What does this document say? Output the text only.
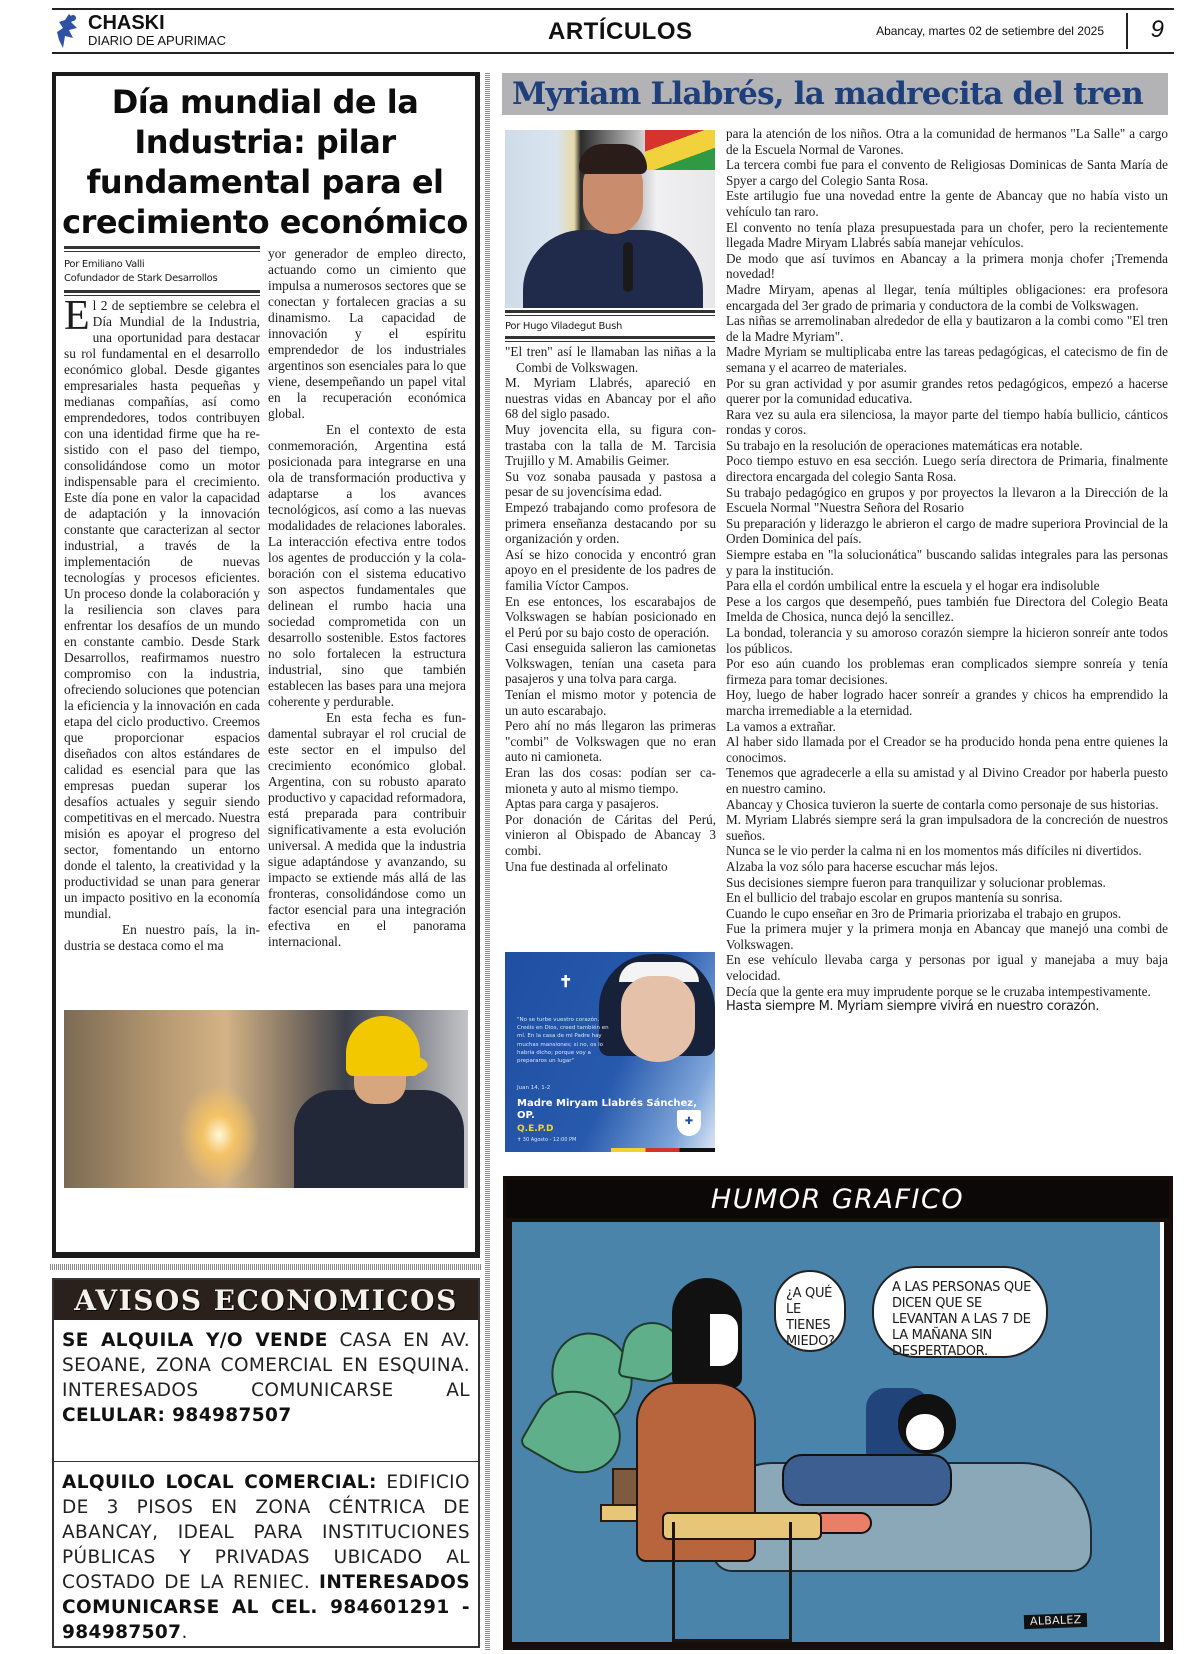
CHASKI
DIARIO DE APURIMAC	ARTÍCULOS	Abancay, martes 02 de setiembre del 2025	9
Día mundial de la Industria: pilar fundamental para el crecimiento económico
Por Emiliano Valli
Cofundador de Stark Desarrollos

El 2 de septiembre se celebra el Día Mundial de la Industria, una oportunidad para destacar su rol fundamental en el desarrollo económico global. Desde gigantes empresariales hasta pequeñas y medianas compañías, así como emprendedores, todos contribuyen con una identidad firme que ha resistido con el paso del tiempo, consolidándose como un motor indispensable para el crecimiento. Este día pone en valor la capacidad de adaptación y la innovación constante que caracterizan al sector industrial, a través de la implementación de nuevas tecnologías y procesos eficientes. Un proceso donde la colaboración y la resiliencia son claves para enfrentar los desafíos de un mundo en constante cambio. Desde Stark Desarrollos, reafirmamos nuestro compromiso con la industria, ofreciendo soluciones que potencian la eficiencia y la innovación en cada etapa del ciclo productivo. Creemos que proporcionar espacios diseñados con altos estándares de calidad es esencial para que las empresas puedan superar los desafíos actuales y seguir siendo competitivas en el mercado. Nuestra misión es apoyar el progreso del sector, fomentando un entorno donde el talento, la creatividad y la productividad se unan para generar un impacto positivo en la economía mundial.

En nuestro país, la industria se destaca como el ma

yor generador de empleo directo, actuando como un cimiento que impulsa a numerosos sectores que se conectan y fortalecen gracias a su dinamismo. La capacidad de innovación y el espíritu emprendedor de los industriales argentinos son esenciales para lo que viene, desempeñando un papel vital en la recuperación económica global.

En el contexto de esta conmemoración, Argentina está posicionada para integrarse en una ola de transformación productiva y adaptarse a los avances tecnológicos, así como a las nuevas modalidades de relaciones laborales. La interacción efectiva entre todos los agentes de producción y la colaboración con el sistema educativo son aspectos fundamentales que delinean el rumbo hacia una sociedad comprometida con un desarrollo sostenible. Estos factores no solo fortalecen la estructura industrial, sino que también establecen las bases para una mejora coherente y perdurable.

En esta fecha es fundamental subrayar el rol crucial de este sector en el impulso del crecimiento económico global. Argentina, con su robusto aparato productivo y capacidad reformadora, está preparada para contribuir significativamente a esta evolución universal. A medida que la industria sigue adaptándose y avanzando, su impacto se extiende más allá de las fronteras, consolidándose como un factor esencial para una integración efectiva en el panorama internacional.

AVISOS ECONOMICOS
SE ALQUILA Y/O VENDE CASA EN AV. SEOANE, ZONA COMERCIAL EN ESQUINA. INTERESADOS COMUNICARSE AL CELULAR: 984987507
ALQUILO LOCAL COMERCIAL: EDIFICIO DE 3 PISOS EN ZONA CÉNTRICA DE ABANCAY, IDEAL PARA INSTITUCIONES PÚBLICAS Y PRIVADAS UBICADO AL COSTADO DE LA RENIEC. INTERESADOS COMUNICARSE AL CEL. 984601291 - 984987507.
Myriam Llabrés, la madrecita del tren
Por Hugo Viladegut Bush

"El tren" así le llamaban las niñas a la Combi de Volkswagen.

M. Myriam Llabrés, apareció en nuestras vidas en Abancay por el año 68 del siglo pasado.

Muy jovencita ella, su figura contrastaba con la talla de M. Tarcisia Trujillo y M. Amabilis Geimer.

Su voz sonaba pausada y pastosa a pesar de su jovencísima edad.

Empezó trabajando como profesora de primera enseñanza destacando por su organización y orden.

Así se hizo conocida y encontró gran apoyo en el presidente de los padres de familia Víctor Campos.

En ese entonces, los escarabajos de Volkswagen se habían posicionado en el Perú por su bajo costo de operación.

Casi enseguida salieron las camionetas Volkswagen, tenían una caseta para pasajeros y una tolva para carga.

Tenían el mismo motor y potencia de un auto escarabajo.

Pero ahí no más llegaron las primeras "combi" de Volkswagen que no eran auto ni camioneta.

Eran las dos cosas: podían ser camioneta y auto al mismo tiempo.

Aptas para carga y pasajeros.

Por donación de Cáritas del Perú, vinieron al Obispado de Abancay 3 combi.

Una fue destinada al orfelinato

✝
"No se turbe vuestro corazón. Creéis en Dios, creed también en mí. En la casa de mi Padre hay muchas mansiones; si no, os lo habría dicho; porque voy a prepararos un lugar"
Juan 14, 1-2
Madre Miryam Llabrés Sánchez, OP.
Q.E.P.D
✝ 30 Agosto - 12:00 PM
✚

para la atención de los niños. Otra a la comunidad de hermanos "La Salle" a cargo de la Escuela Normal de Varones.

La tercera combi fue para el convento de Religiosas Dominicas de Santa María de Spyer a cargo del Colegio Santa Rosa.

Este artilugio fue una novedad entre la gente de Abancay que no había visto un vehículo tan raro.

El convento no tenía plaza presupuestada para un chofer, pero la recientemente llegada Madre Miryam Llabrés sabía manejar vehículos.

De modo que así tuvimos en Abancay a la primera monja chofer ¡Tremenda novedad!

Madre Miryam, apenas al llegar, tenía múltiples obligaciones: era profesora encargada del 3er grado de primaria y conductora de la combi de Volkswagen.

Las niñas se arremolinaban alrededor de ella y bautizaron a la combi como "El tren de la Madre Myriam".

Madre Myriam se multiplicaba entre las tareas pedagógicas, el catecismo de fin de semana y el acarreo de materiales.

Por su gran actividad y por asumir grandes retos pedagógicos, empezó a hacerse querer por la comunidad educativa.

Rara vez su aula era silenciosa, la mayor parte del tiempo había bullicio, cánticos rondas y coros.

Su trabajo en la resolución de operaciones matemáticas era notable.

Poco tiempo estuvo en esa sección. Luego sería directora de Primaria, finalmente directora encargada del colegio Santa Rosa.

Su trabajo pedagógico en grupos y por proyectos la llevaron a la Dirección de la Escuela Normal "Nuestra Señora del Rosario

Su preparación y liderazgo le abrieron el cargo de madre superiora Provincial de la Orden Dominica del país.

Siempre estaba en "la solucionática" buscando salidas integrales para las personas y para la institución.

Para ella el cordón umbilical entre la escuela y el hogar era indisoluble

Pese a los cargos que desempeñó, pues también fue Directora del Colegio Beata Imelda de Chosica, nunca dejó la sencillez.

La bondad, tolerancia y su amoroso corazón siempre la hicieron sonreír ante todos los públicos.

Por eso aún cuando los problemas eran complicados siempre sonreía y tenía firmeza para tomar decisiones.

Hoy, luego de haber logrado hacer sonreír a grandes y chicos ha emprendido la marcha irremediable a la eternidad.

La vamos a extrañar.

Al haber sido llamada por el Creador se ha producido honda pena entre quienes la conocimos.

Tenemos que agradecerle a ella su amistad y al Divino Creador por haberla puesto en nuestro camino.

Abancay y Chosica tuvieron la suerte de contarla como personaje de sus historias.

M. Myriam Llabrés siempre será la gran impulsadora de la concreción de nuestros sueños.

Nunca se le vio perder la calma ni en los momentos más difíciles ni divertidos.

Alzaba la voz sólo para hacerse escuchar más lejos.

Sus decisiones siempre fueron para tranquilizar y solucionar problemas.

En el bullicio del trabajo escolar en grupos mantenía su sonrisa.

Cuando le cupo enseñar en 3ro de Primaria priorizaba el trabajo en grupos.

Fue la primera mujer y la primera monja en Abancay que manejó una combi de Volkswagen.

En ese vehículo llevaba carga y personas por igual y manejaba a muy baja velocidad.

Decía que la gente era muy imprudente porque se le cruzaba intempestivamente.

Hasta siempre M. Myriam siempre vivirá en nuestro corazón.
HUMOR GRAFICO
¿A QUÉ LE TIENES MIEDO?
A LAS PERSONAS QUE DICEN QUE SE LEVANTAN A LAS 7 DE LA MAÑANA SIN DESPERTADOR.
ALBALEZ
